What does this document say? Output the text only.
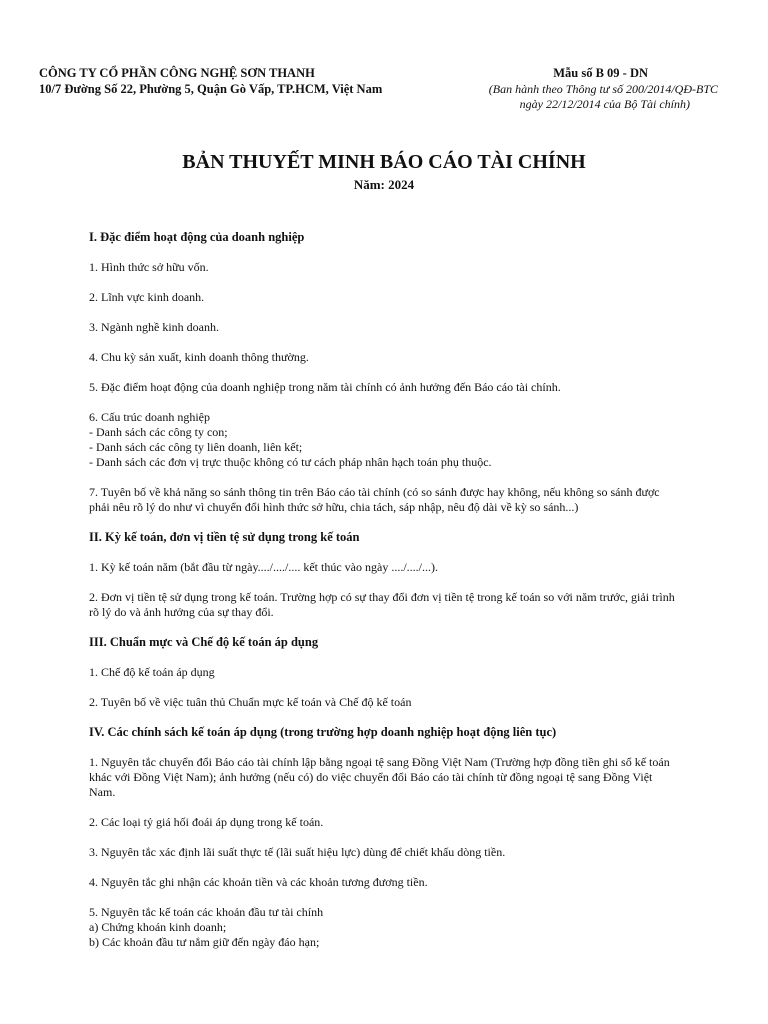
CÔNG TY CỔ PHẦN CÔNG NGHỆ SƠN THANH
10/7 Đường Số 22, Phường 5, Quận Gò Vấp, TP.HCM, Việt Nam
Mẫu số B 09 - DN
(Ban hành theo Thông tư số 200/2014/QĐ-BTC
ngày 22/12/2014 của Bộ Tài chính)
BẢN THUYẾT MINH BÁO CÁO TÀI CHÍNH
Năm: 2024
I. Đặc điểm hoạt động của doanh nghiệp
1. Hình thức sở hữu vốn.
2. Lĩnh vực kinh doanh.
3. Ngành nghề kinh doanh.
4. Chu kỳ sản xuất, kinh doanh thông thường.
5. Đặc điểm hoạt động của doanh nghiệp trong năm tài chính có ảnh hưởng đến Báo cáo tài chính.
6. Cấu trúc doanh nghiệp
- Danh sách các công ty con;
- Danh sách các công ty liên doanh, liên kết;
- Danh sách các đơn vị trực thuộc không có tư cách pháp nhân hạch toán phụ thuộc.
7. Tuyên bố về khả năng so sánh thông tin trên Báo cáo tài chính (có so sánh được hay không, nếu không so sánh được
phải nêu rõ lý do như vì chuyển đổi hình thức sở hữu, chia tách, sáp nhập, nêu độ dài về kỳ so sánh...)
II. Kỳ kế toán, đơn vị tiền tệ sử dụng trong kế toán
1. Kỳ kế toán năm (bắt đầu từ ngày..../..../.... kết thúc vào ngày ..../..../...).
2. Đơn vị tiền tệ sử dụng trong kế toán. Trường hợp có sự thay đổi đơn vị tiền tệ trong kế toán so với năm trước, giải trình
rõ lý do và ảnh hưởng của sự thay đổi.
III. Chuẩn mực và Chế độ kế toán áp dụng
1. Chế độ kế toán áp dụng
2. Tuyên bố về việc tuân thủ Chuẩn mực kế toán và Chế độ kế toán
IV. Các chính sách kế toán áp dụng (trong trường hợp doanh nghiệp hoạt động liên tục)
1. Nguyên tắc chuyển đổi Báo cáo tài chính lập bằng ngoại tệ sang Đồng Việt Nam (Trường hợp đồng tiền ghi sổ kế toán
khác với Đồng Việt Nam); ảnh hưởng (nếu có) do việc chuyển đổi Báo cáo tài chính từ đồng ngoại tệ sang Đồng Việt
Nam.
2. Các loại tỷ giá hối đoái áp dụng trong kế toán.
3. Nguyên tắc xác định lãi suất thực tế (lãi suất hiệu lực) dùng để chiết khấu dòng tiền.
4. Nguyên tắc ghi nhận các khoản tiền và các khoản tương đương tiền.
5. Nguyên tắc kế toán các khoản đầu tư tài chính
a) Chứng khoán kinh doanh;
b) Các khoản đầu tư nắm giữ đến ngày đáo hạn;
